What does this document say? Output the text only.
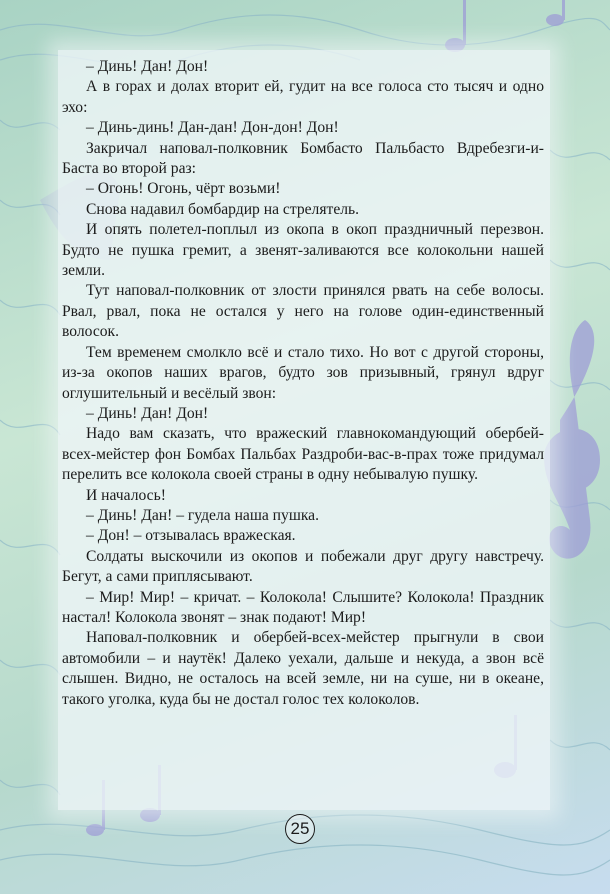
– Динь! Дан! Дон!

А в горах и долах вторит ей, гудит на все голоса сто тысяч и одно эхо:

– Динь-динь! Дан-дан! Дон-дон! Дон!

Закричал наповал-полковник Бомбасто Пальбасто Вдребезги-и-Баста во второй раз:

– Огонь! Огонь, чёрт возьми!

Снова надавил бомбардир на стрелятель.

И опять полетел-поплыл из окопа в окоп праздничный перезвон. Будто не пушка гремит, а звенят-заливаются все колокольни нашей земли.

Тут наповал-полковник от злости принялся рвать на себе волосы. Рвал, рвал, пока не остался у него на голове один-единственный волосок.

Тем временем смолкло всё и стало тихо. Но вот с другой стороны, из-за окопов наших врагов, будто зов призывный, грянул вдруг оглушительный и весёлый звон:

– Динь! Дан! Дон!

Надо вам сказать, что вражеский главнокомандующий обербей-всех-мейстер фон Бомбах Пальбах Раздроби-вас-в-прах тоже придумал перелить все колокола своей страны в одну небывалую пушку.

И началось!

– Динь! Дан! – гудела наша пушка.

– Дон! – отзывалась вражеская.

Солдаты выскочили из окопов и побежали друг другу навстречу. Бегут, а сами приплясывают.

– Мир! Мир! – кричат. – Колокола! Слышите? Колокола! Праздник настал! Колокола звонят – знак подают! Мир!

Наповал-полковник и обербей-всех-мейстер прыгнули в свои автомобили – и наутёк! Далеко уехали, дальше и некуда, а звон всё слышен. Видно, не осталось на всей земле, ни на суше, ни в океане, такого уголка, куда бы не достал голос тех колоколов.

25
